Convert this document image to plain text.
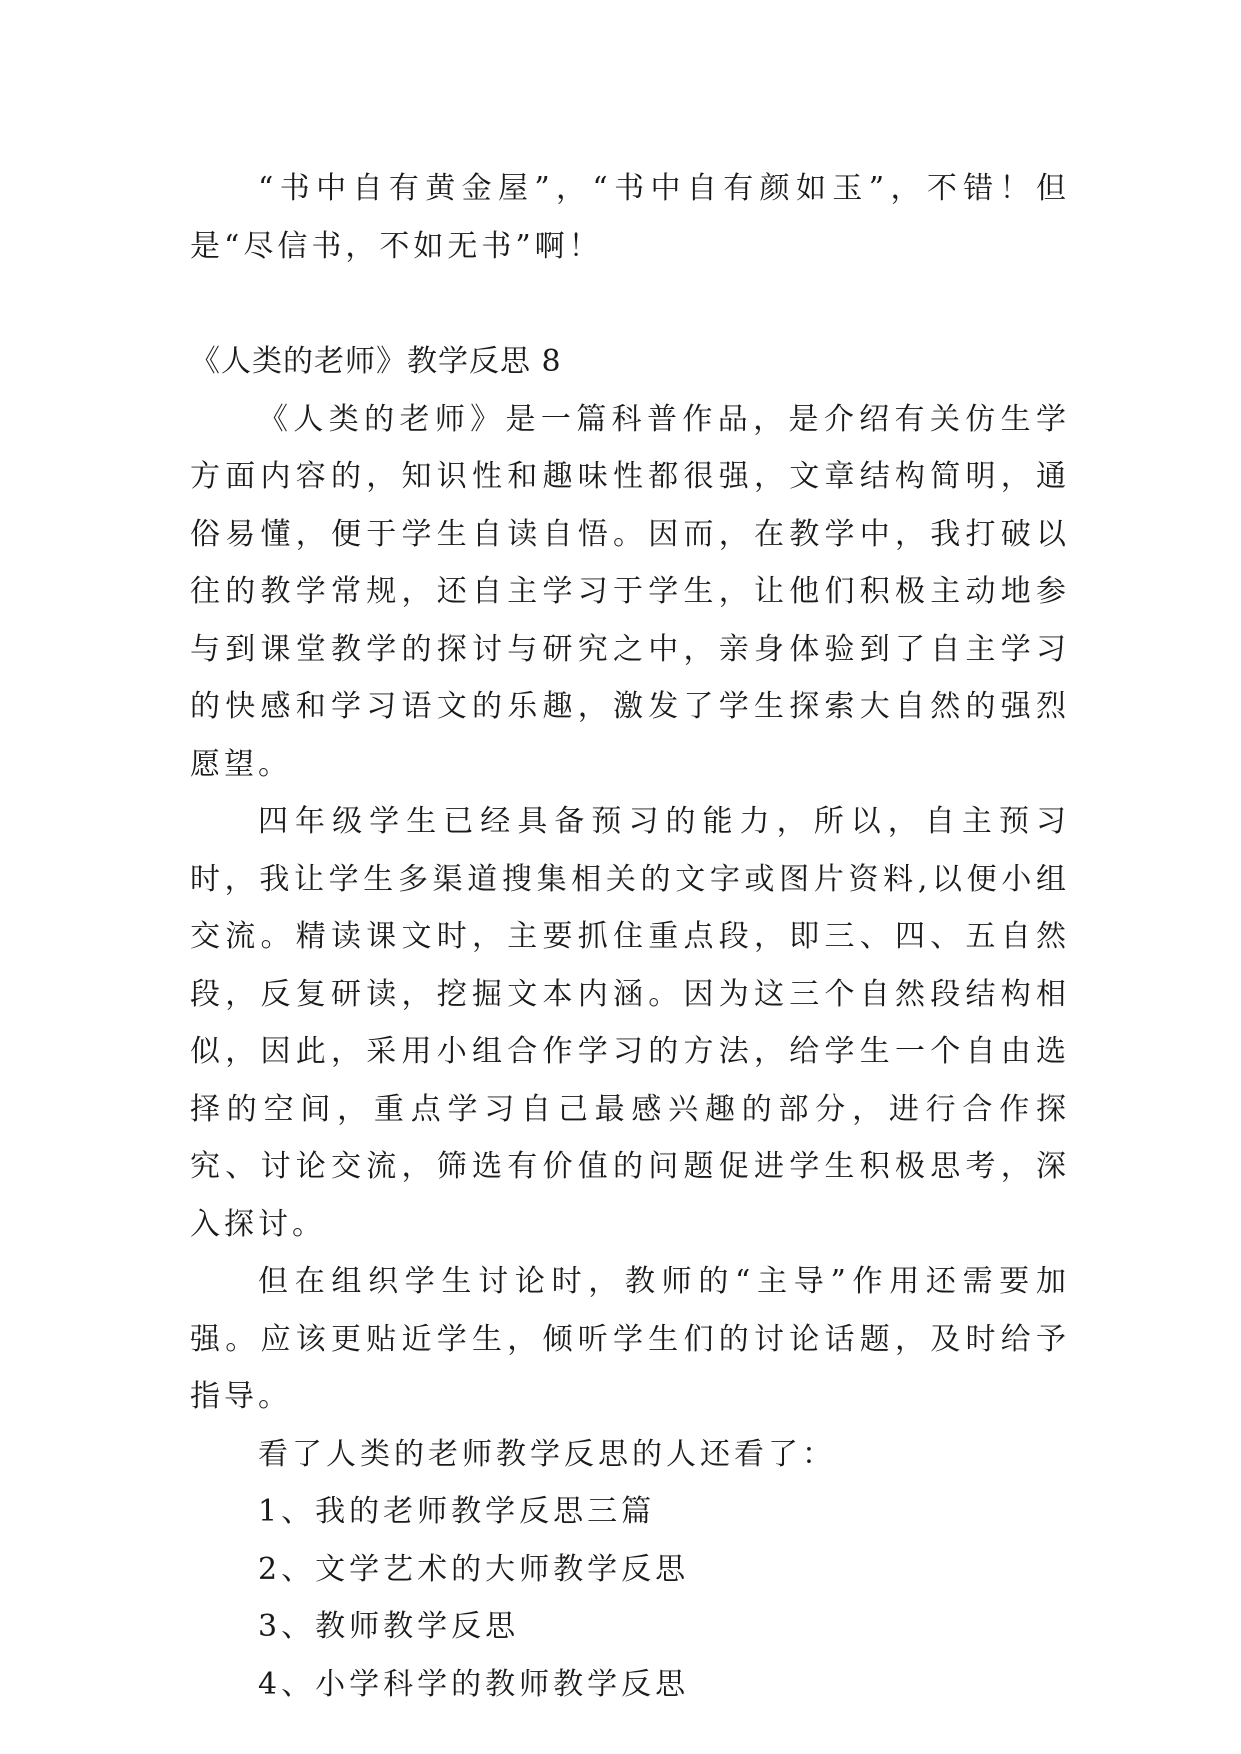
“书中自有黄金屋”，“书中自有颜如玉”，不错！但是“尽信书，不如无书”啊！

《人类的老师》教学反思 8

《人类的老师》是一篇科普作品，是介绍有关仿生学方面内容的，知识性和趣味性都很强，文章结构简明，通俗易懂，便于学生自读自悟。因而，在教学中，我打破以往的教学常规，还自主学习于学生，让他们积极主动地参与到课堂教学的探讨与研究之中，亲身体验到了自主学习的快感和学习语文的乐趣，激发了学生探索大自然的强烈愿望。

四年级学生已经具备预习的能力，所以，自主预习时，我让学生多渠道搜集相关的文字或图片资料,以便小组交流。精读课文时，主要抓住重点段，即三、四、五自然段，反复研读，挖掘文本内涵。因为这三个自然段结构相似，因此，采用小组合作学习的方法，给学生一个自由选择的空间，重点学习自己最感兴趣的部分，进行合作探究、讨论交流，筛选有价值的问题促进学生积极思考，深入探讨。

但在组织学生讨论时，教师的“主导”作用还需要加强。应该更贴近学生，倾听学生们的讨论话题，及时给予指导。

看了人类的老师教学反思的人还看了：

1、我的老师教学反思三篇

2、文学艺术的大师教学反思

3、教师教学反思

4、小学科学的教师教学反思
